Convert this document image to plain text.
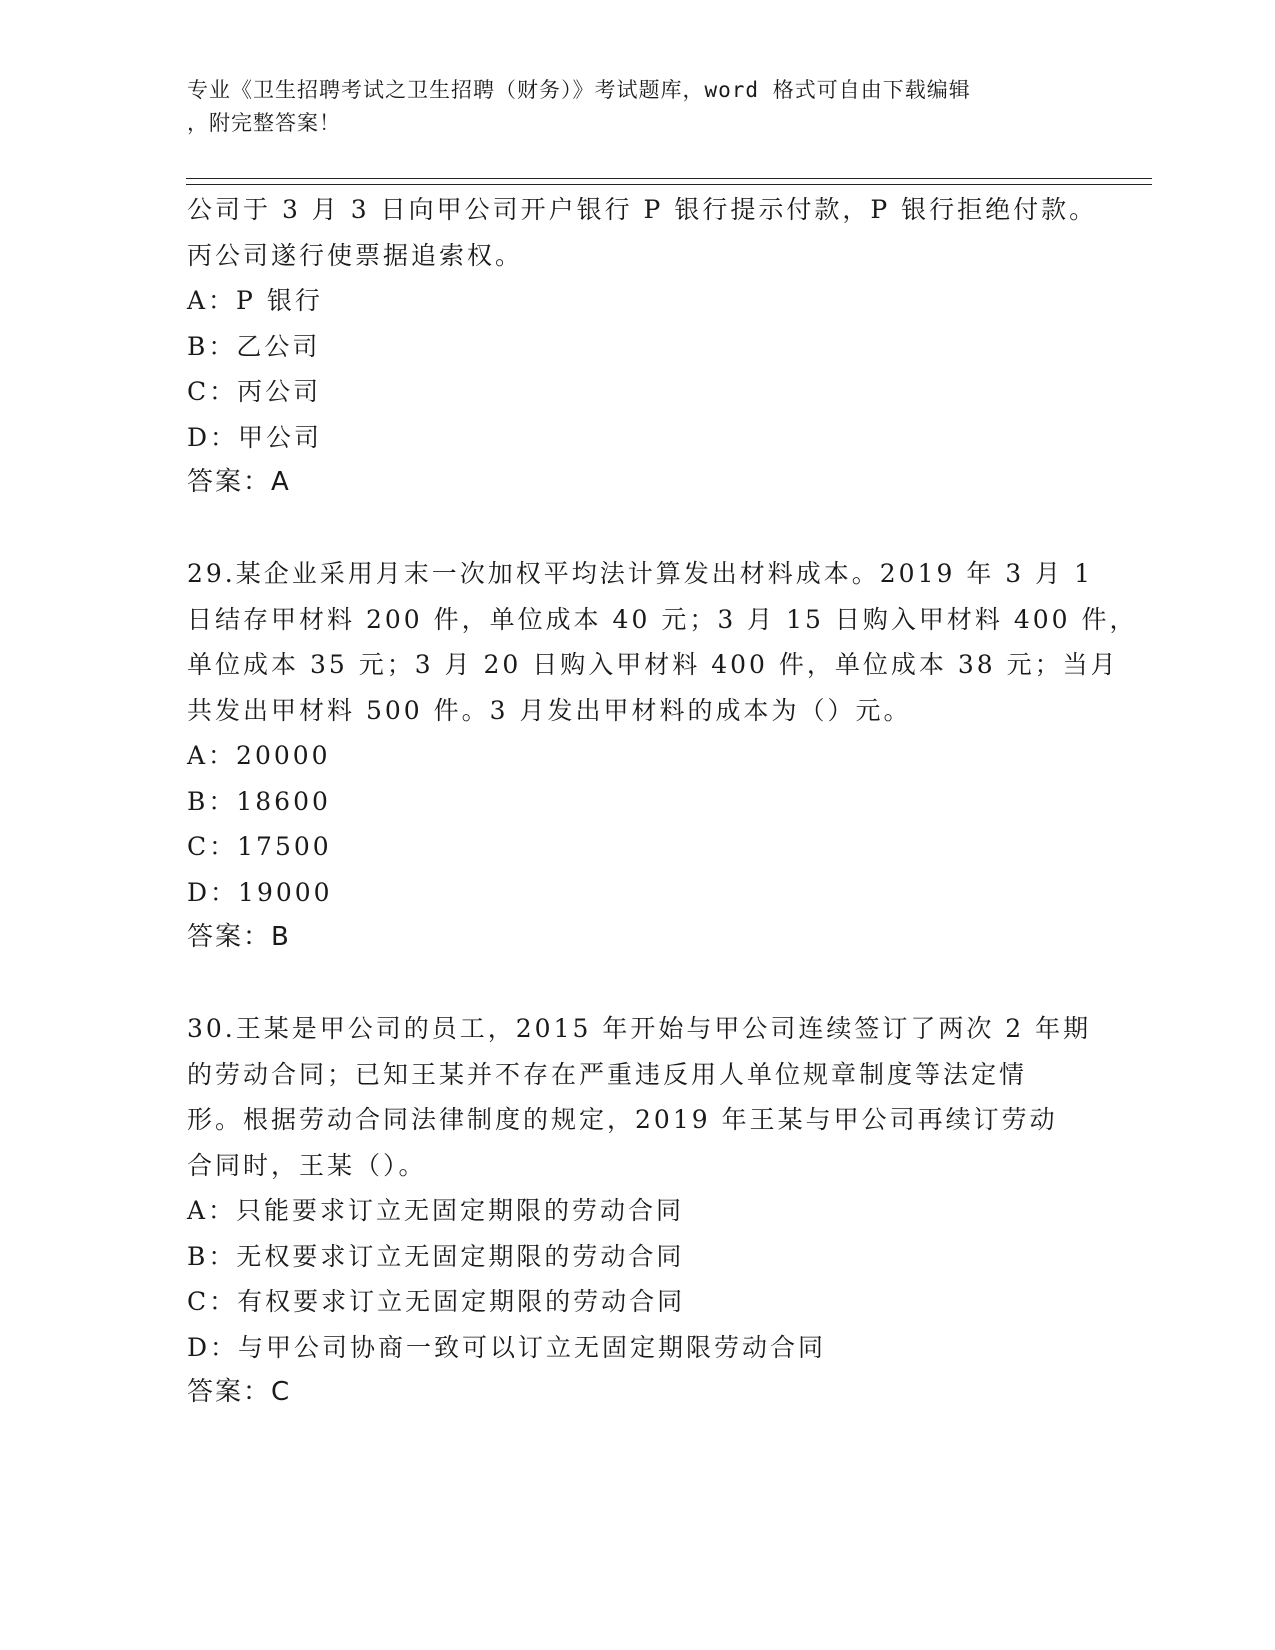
专业《卫生招聘考试之卫生招聘（财务）》考试题库，word 格式可自由下载编辑
，附完整答案！
公司于 3 月 3 日向甲公司开户银行 P 银行提示付款，P 银行拒绝付款。
丙公司遂行使票据追索权。
A：P 银行
B：乙公司
C：丙公司
D：甲公司
答案：A
29.某企业采用月末一次加权平均法计算发出材料成本。2019 年 3 月 1
日结存甲材料 200 件，单位成本 40 元；3 月 15 日购入甲材料 400 件，
单位成本 35 元；3 月 20 日购入甲材料 400 件，单位成本 38 元；当月
共发出甲材料 500 件。3 月发出甲材料的成本为（）元。
A：20000
B：18600
C：17500
D：19000
答案：B
30.王某是甲公司的员工，2015 年开始与甲公司连续签订了两次 2 年期
的劳动合同；已知王某并不存在严重违反用人单位规章制度等法定情
形。根据劳动合同法律制度的规定，2019 年王某与甲公司再续订劳动
合同时，王某（）。
A：只能要求订立无固定期限的劳动合同
B：无权要求订立无固定期限的劳动合同
C：有权要求订立无固定期限的劳动合同
D：与甲公司协商一致可以订立无固定期限劳动合同
答案：C
